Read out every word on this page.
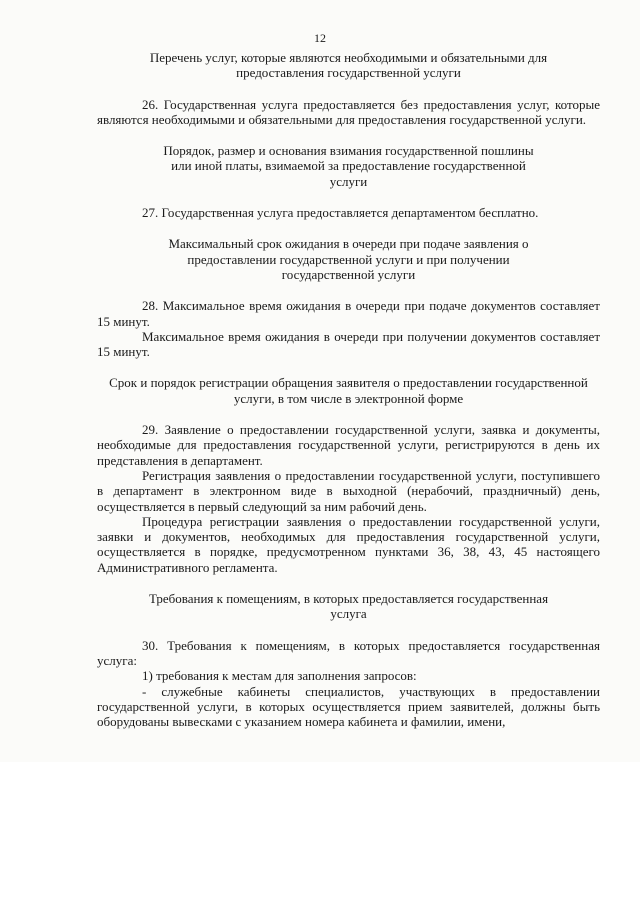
12

Перечень услуг, которые являются необходимыми и обязательными для предоставления государственной услуги

26. Государственная услуга предоставляется без предоставления услуг, которые являются необходимыми и обязательными для предоставления государственной услуги.

Порядок, размер и основания взимания государственной пошлины или иной платы, взимаемой за предоставление государственной услуги

27. Государственная услуга предоставляется департаментом бесплатно.

Максимальный срок ожидания в очереди при подаче заявления о предоставлении государственной услуги и при получении государственной услуги

28. Максимальное время ожидания в очереди при подаче документов составляет 15 минут.

Максимальное время ожидания в очереди при получении документов составляет 15 минут.

Срок и порядок регистрации обращения заявителя о предоставлении государственной услуги, в том числе в электронной форме

29. Заявление о предоставлении государственной услуги, заявка и документы, необходимые для предоставления государственной услуги, регистрируются в день их представления в департамент.

Регистрация заявления о предоставлении государственной услуги, поступившего в департамент в электронном виде в выходной (нерабочий, праздничный) день, осуществляется в первый следующий за ним рабочий день.

Процедура регистрации заявления о предоставлении государственной услуги, заявки и документов, необходимых для предоставления государственной услуги, осуществляется в порядке, предусмотренном пунктами 36, 38, 43, 45 настоящего Административного регламента.

Требования к помещениям, в которых предоставляется государственная услуга

30. Требования к помещениям, в которых предоставляется государственная услуга:

1) требования к местам для заполнения запросов:

- служебные кабинеты специалистов, участвующих в предоставлении государственной услуги, в которых осуществляется прием заявителей, должны быть оборудованы вывесками с указанием номера кабинета и фамилии, имени,
